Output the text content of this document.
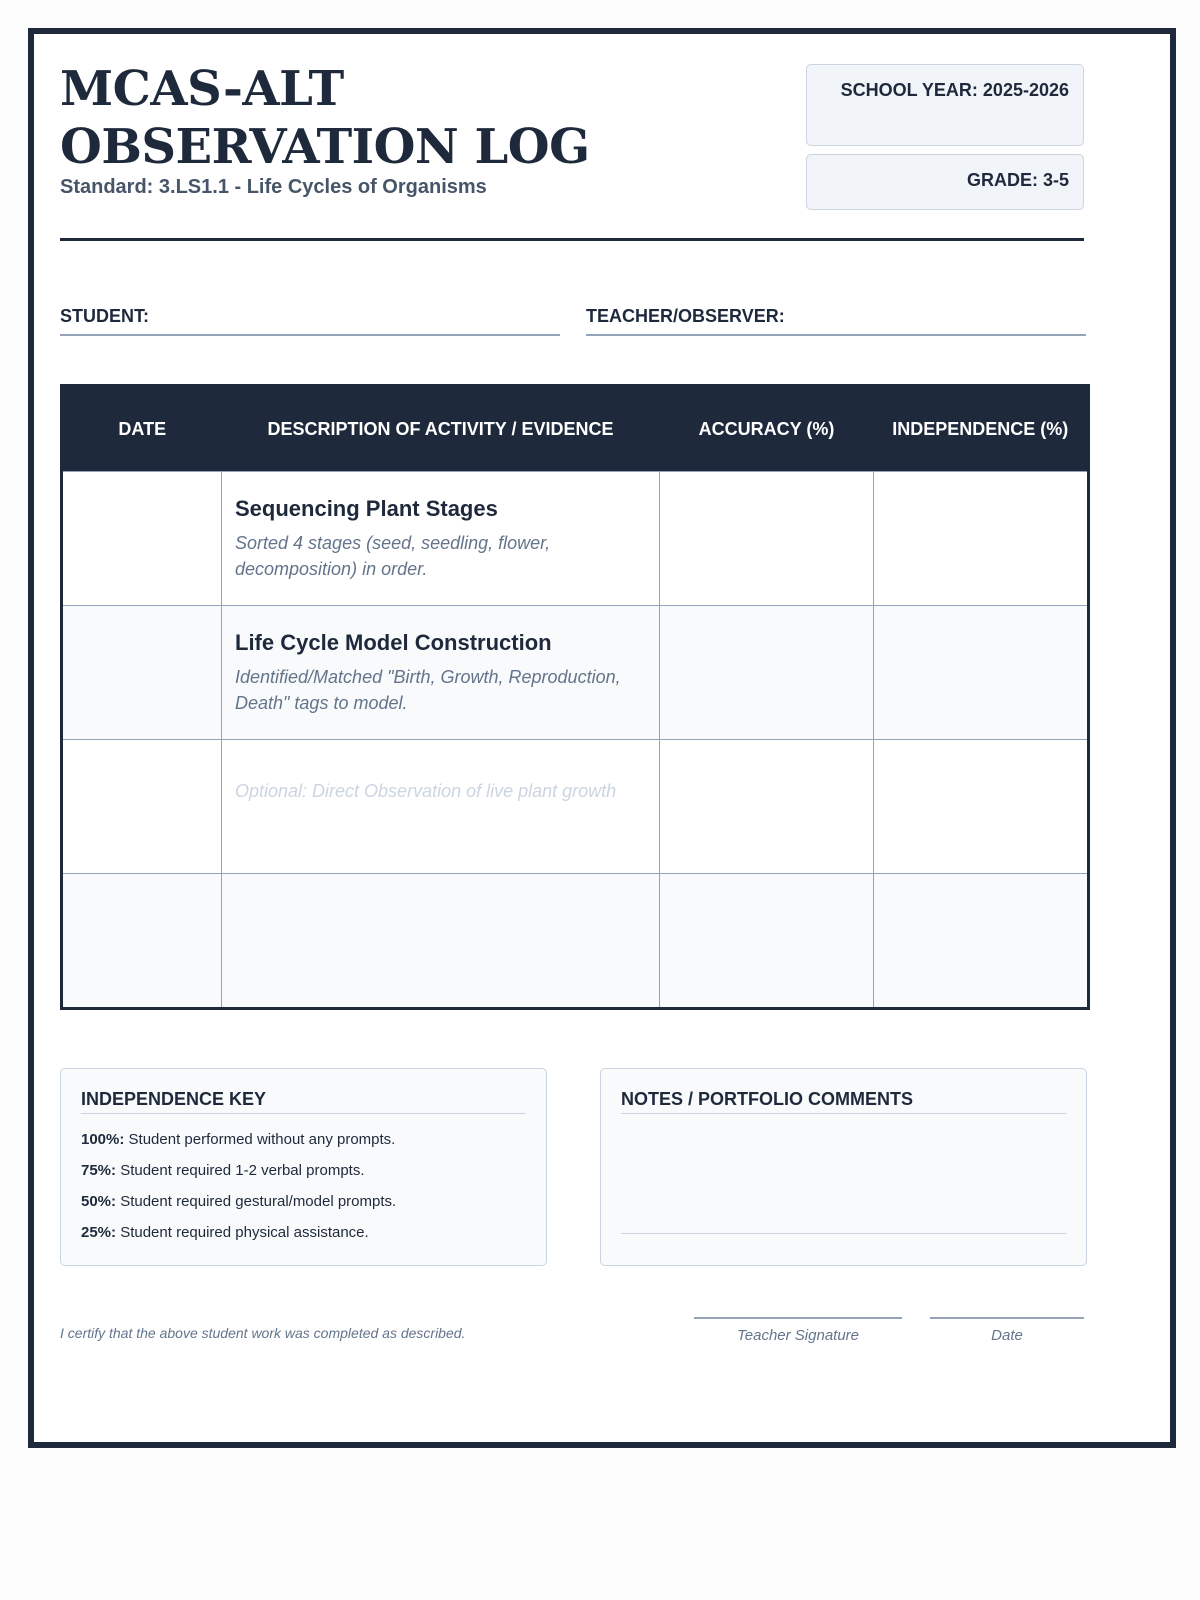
MCAS-ALT OBSERVATION LOG
Standard: 3.LS1.1 - Life Cycles of Organisms
SCHOOL YEAR: 2025-2026
GRADE: 3-5
STUDENT:	TEACHER/OBSERVER:
DATE	DESCRIPTION OF ACTIVITY / EVIDENCE	ACCURACY (%)	INDEPENDENCE (%)

	Sequencing Plant Stages
Sorted 4 stages (seed, seedling, flower, decomposition) in order.		

	Life Cycle Model Construction
Identified/Matched "Birth, Growth, Reproduction, Death" tags to model.		

	Optional: Direct Observation of live plant growth		

INDEPENDENCE KEY
100%: Student performed without any prompts.
75%: Student required 1-2 verbal prompts.
50%: Student required gestural/model prompts.
25%: Student required physical assistance.
NOTES / PORTFOLIO COMMENTS
I certify that the above student work was completed as described.	Teacher Signature	Date
